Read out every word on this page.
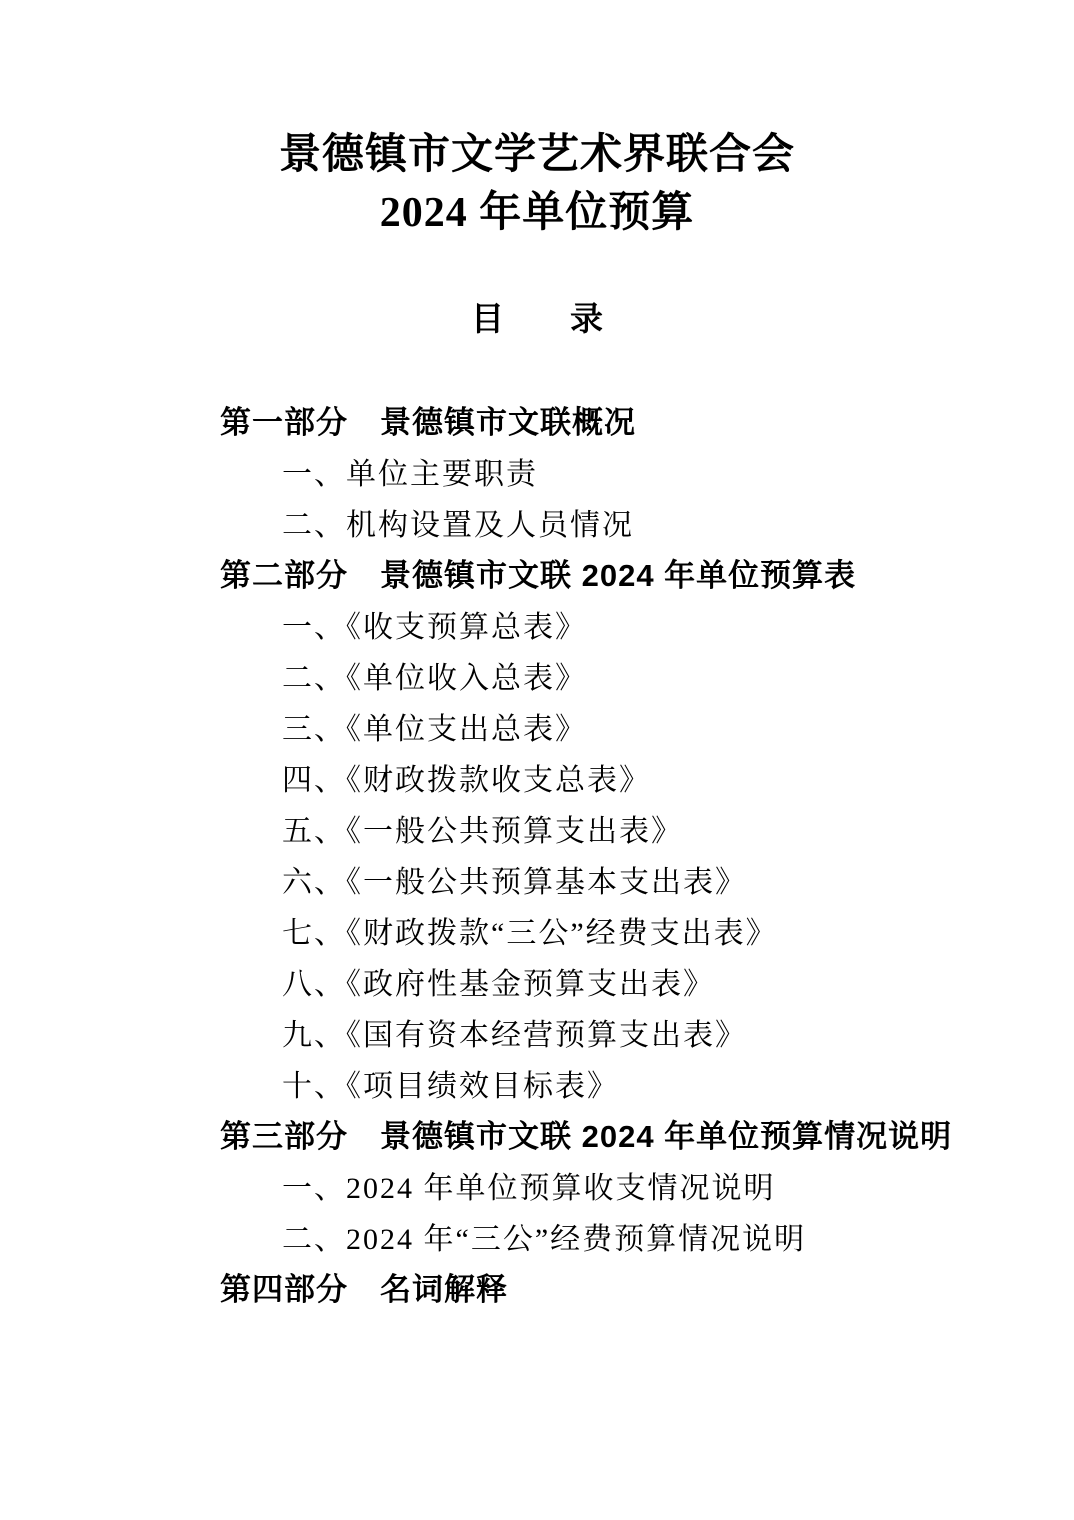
景德镇市文学艺术界联合会
2024 年单位预算
目　　录
第一部分　景德镇市文联概况
一、单位主要职责
二、机构设置及人员情况
第二部分　景德镇市文联 2024 年单位预算表
一、《收支预算总表》
二、《单位收入总表》
三、《单位支出总表》
四、《财政拨款收支总表》
五、《一般公共预算支出表》
六、《一般公共预算基本支出表》
七、《财政拨款“三公”经费支出表》
八、《政府性基金预算支出表》
九、《国有资本经营预算支出表》
十、《项目绩效目标表》
第三部分　景德镇市文联 2024 年单位预算情况说明
一、2024 年单位预算收支情况说明
二、2024 年“三公”经费预算情况说明
第四部分　名词解释
